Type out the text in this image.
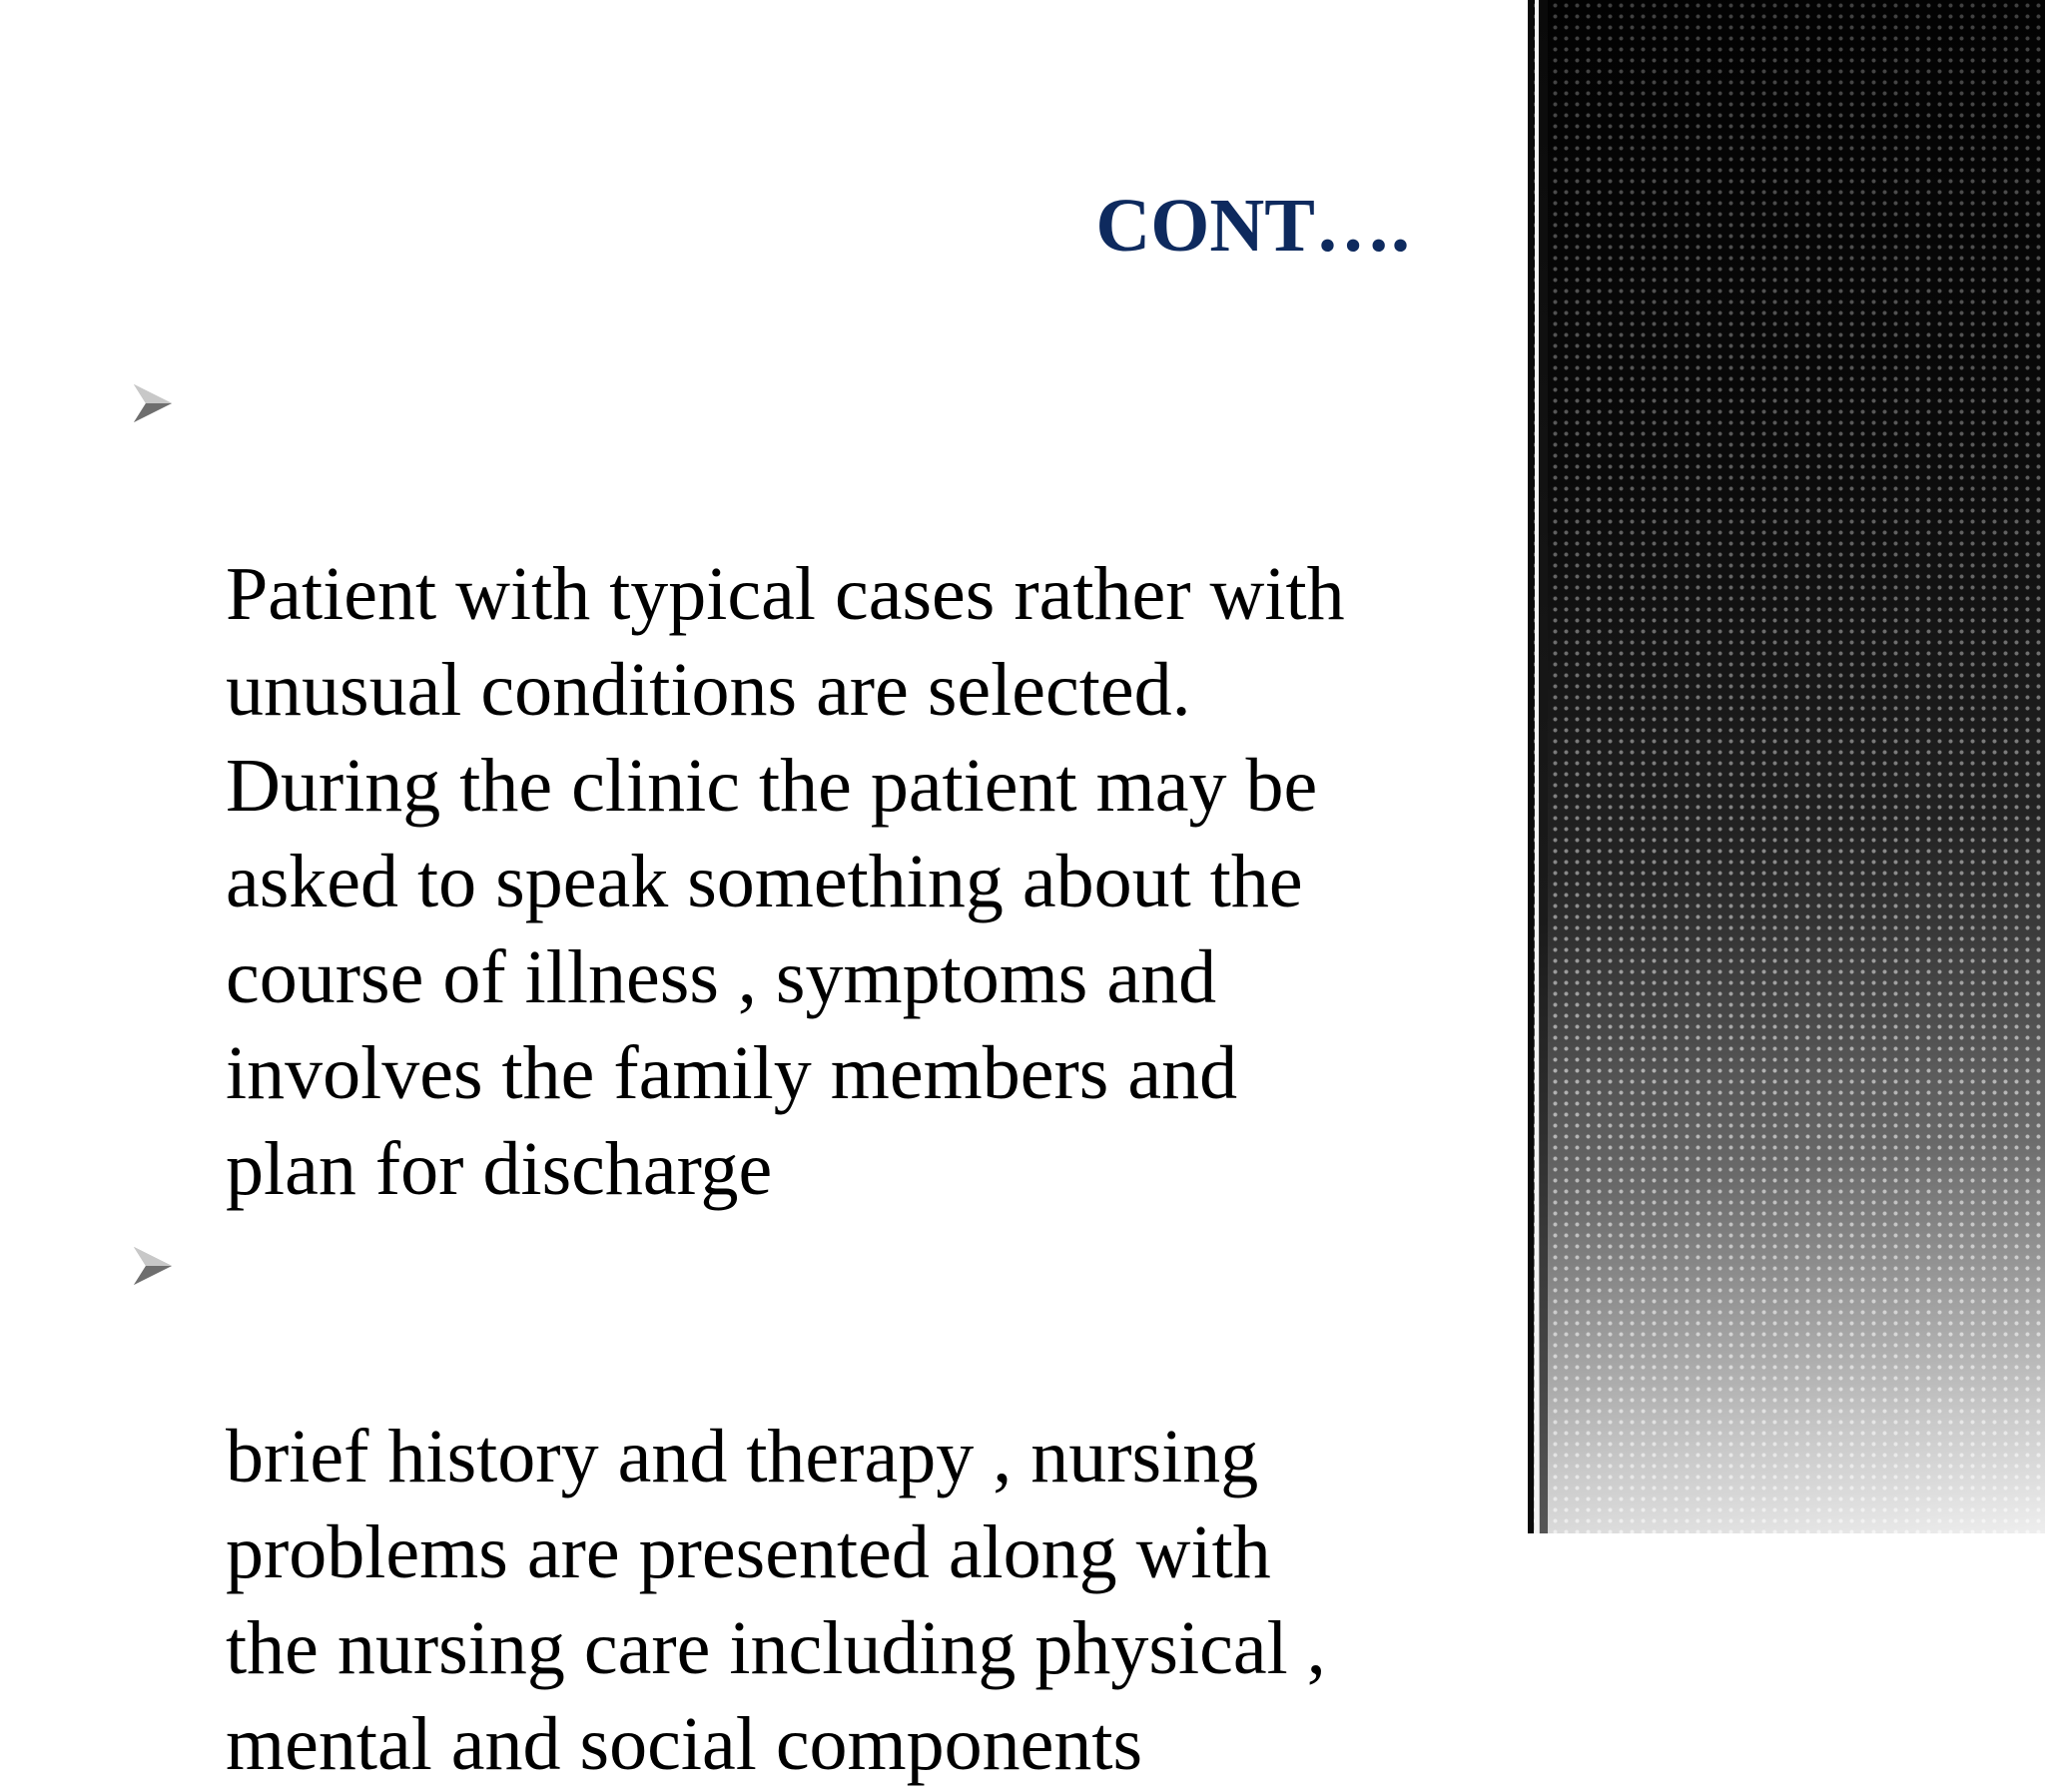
CONT….

Patient with typical cases rather with
unusual conditions are selected.
During the clinic the patient may be
asked to speak something about the
course of illness , symptoms and
involves the family members and
plan for discharge

brief history and therapy , nursing
problems are presented along with
the nursing care including physical ,
mental and social components
